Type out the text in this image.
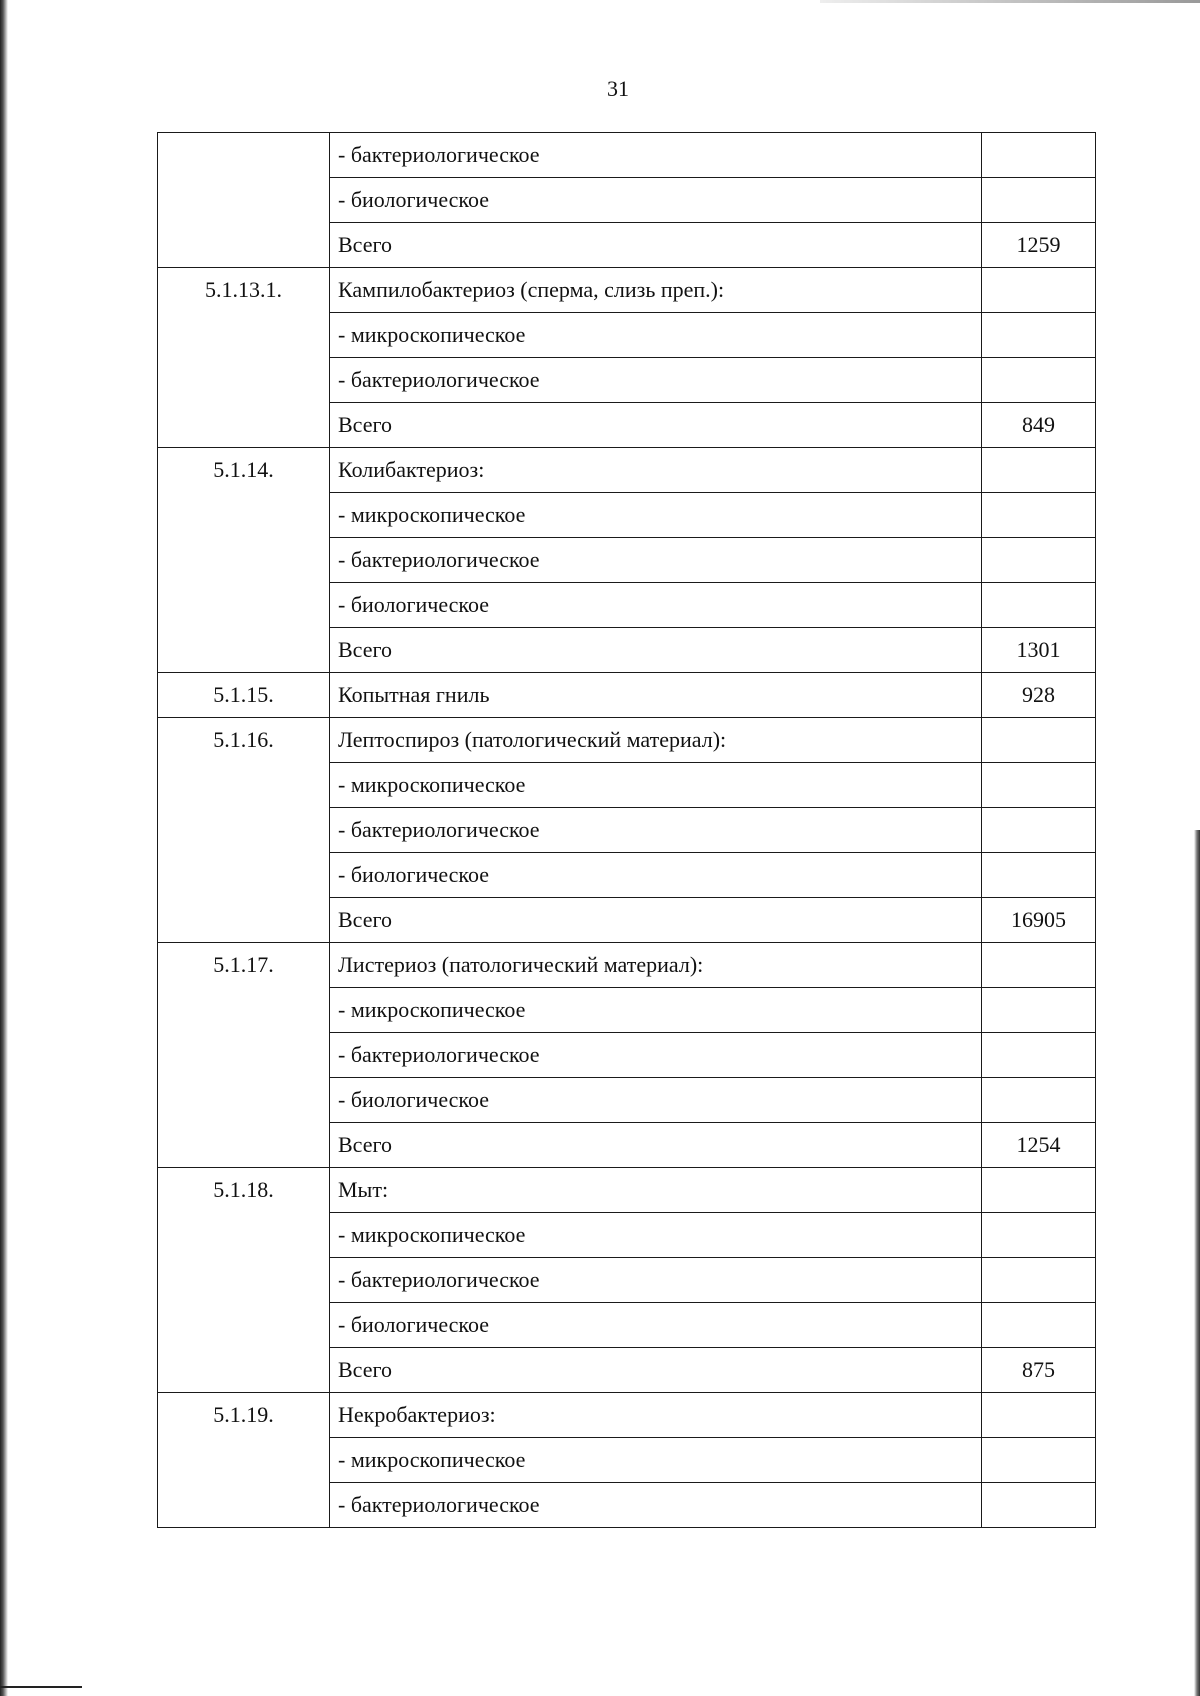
31
	- бактериологическое	
	- биологическое	
	Всего	1259
5.1.13.1.	Кампилобактериоз (сперма, слизь преп.):	
	- микроскопическое	
	- бактериологическое	
	Всего	849
5.1.14.	Колибактериоз:	
	- микроскопическое	
	- бактериологическое	
	- биологическое	
	Всего	1301
5.1.15.	Копытная гниль	928
5.1.16.	Лептоспироз (патологический материал):	
	- микроскопическое	
	- бактериологическое	
	- биологическое	
	Всего	16905
5.1.17.	Листериоз (патологический материал):	
	- микроскопическое	
	- бактериологическое	
	- биологическое	
	Всего	1254
5.1.18.	Мыт:	
	- микроскопическое	
	- бактериологическое	
	- биологическое	
	Всего	875
5.1.19.	Некробактериоз:	
	- микроскопическое	
	- бактериологическое	
